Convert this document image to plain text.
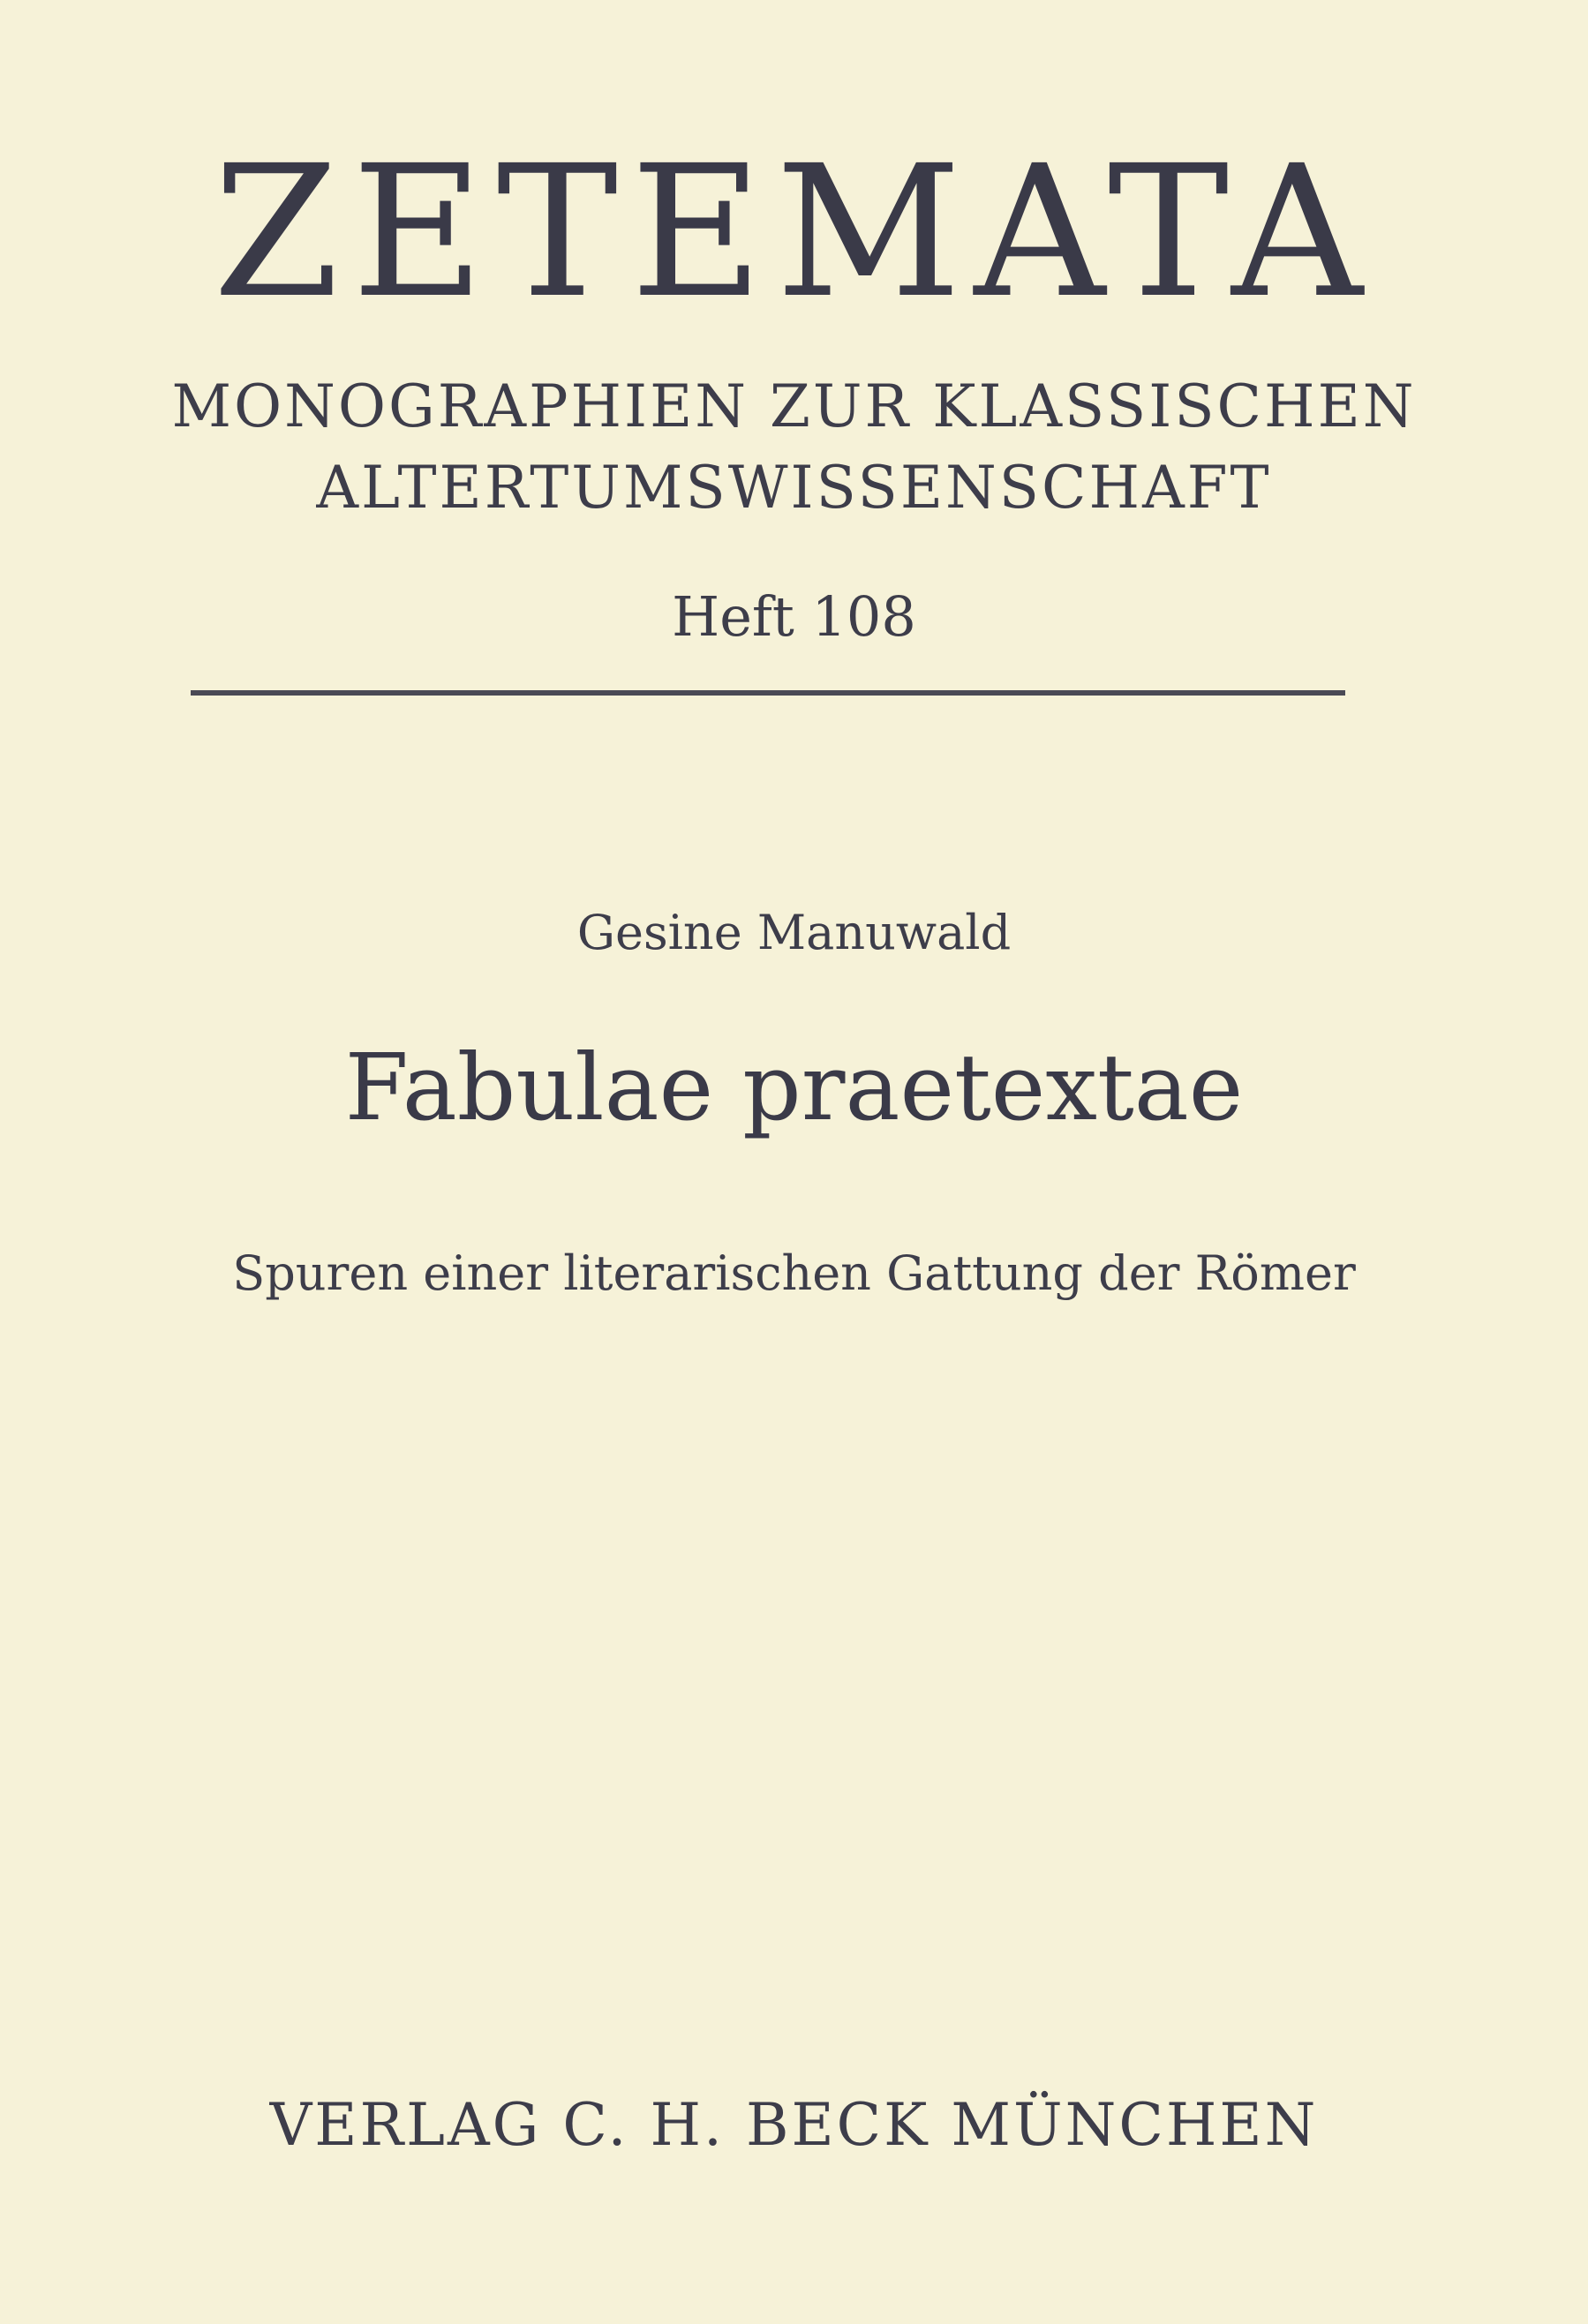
ZETEMATA
MONOGRAPHIEN ZUR KLASSISCHEN
ALTERTUMSWISSENSCHAFT
Heft 108
Gesine Manuwald
Fabulae praetextae
Spuren einer literarischen Gattung der Römer
VERLAG C. H. BECK MÜNCHEN
